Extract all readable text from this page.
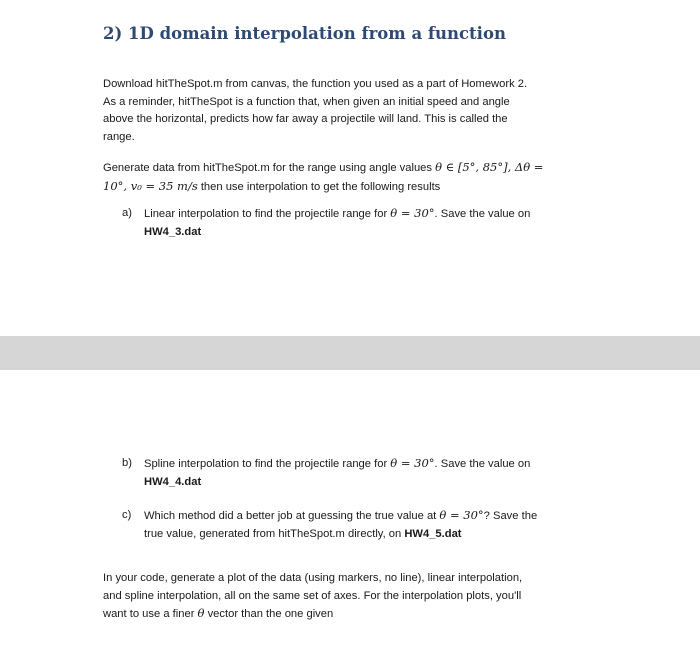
2) 1D domain interpolation from a function
Download hitTheSpot.m from canvas, the function you used as a part of Homework 2.
As a reminder, hitTheSpot is a function that, when given an initial speed and angle
above the horizontal, predicts how far away a projectile will land. This is called the
range.
Generate data from hitTheSpot.m for the range using angle values θ ∈ [5°, 85°], Δθ =
10°, v₀ = 35 m/s then use interpolation to get the following results
a) Linear interpolation to find the projectile range for θ = 30°. Save the value on
HW4_3.dat
b) Spline interpolation to find the projectile range for θ = 30°. Save the value on
HW4_4.dat
c) Which method did a better job at guessing the true value at θ = 30°? Save the
true value, generated from hitTheSpot.m directly, on HW4_5.dat
In your code, generate a plot of the data (using markers, no line), linear interpolation,
and spline interpolation, all on the same set of axes. For the interpolation plots, you'll
want to use a finer θ vector than the one given
